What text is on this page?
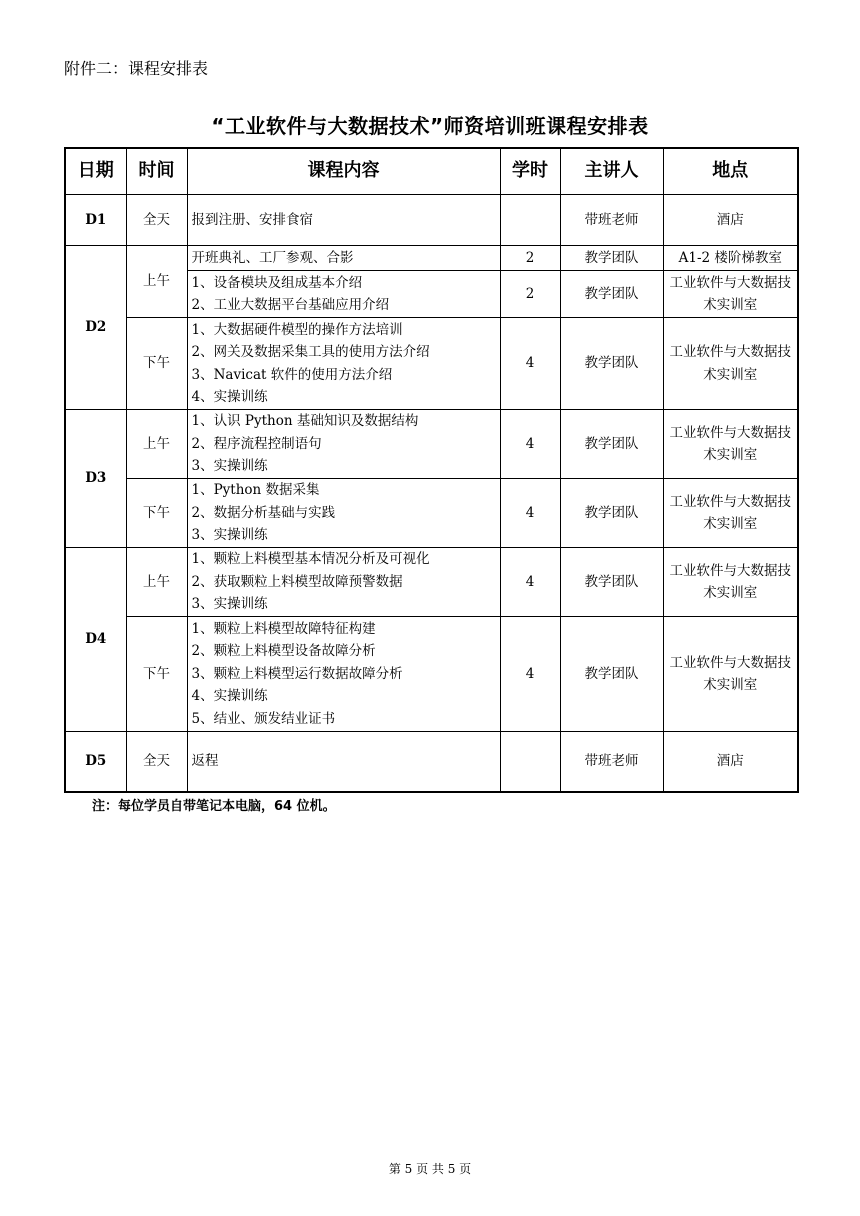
附件二：课程安排表
“工业软件与大数据技术”师资培训班课程安排表
日期	时间	课程内容	学时	主讲人	地点
D1	全天	报到注册、安排食宿		带班老师	酒店
D2	上午	开班典礼、工厂参观、合影	2	教学团队	A1-2 楼阶梯教室

		1、设备模块及组成基本介绍
2、工业大数据平台基础应用介绍	2	教学团队	工业软件与大数据技术实训室
	下午	1、大数据硬件模型的操作方法培训
2、网关及数据采集工具的使用方法介绍
3、Navicat 软件的使用方法介绍
4、实操训练	4	教学团队	工业软件与大数据技术实训室
D3	上午	1、认识 Python 基础知识及数据结构
2、程序流程控制语句
3、实操训练	4	教学团队	工业软件与大数据技术实训室
	下午	1、Python 数据采集
2、数据分析基础与实践
3、实操训练	4	教学团队	工业软件与大数据技术实训室
D4	上午	1、颗粒上料模型基本情况分析及可视化
2、获取颗粒上料模型故障预警数据
3、实操训练	4	教学团队	工业软件与大数据技术实训室
	下午	1、颗粒上料模型故障特征构建
2、颗粒上料模型设备故障分析
3、颗粒上料模型运行数据故障分析
4、实操训练
5、结业、颁发结业证书	4	教学团队	工业软件与大数据技术实训室
D5	全天	返程		带班老师	酒店
注：每位学员自带笔记本电脑，64 位机。
第 5 页 共 5 页
